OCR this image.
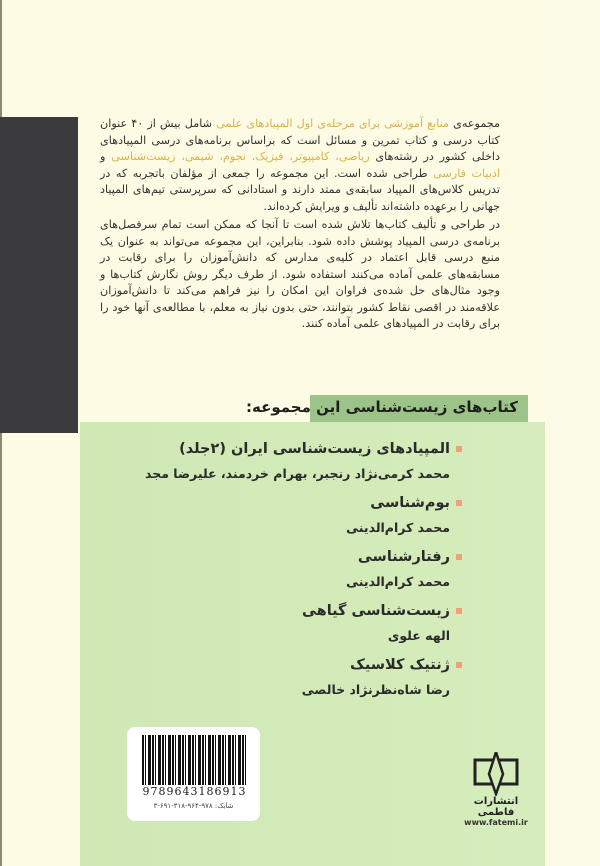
مجموعه‌ی منابع آموزشی برای مرحله‌ی اول المپیادهای علمی شامل بیش از ۴۰ عنوان کتاب درسی و کتاب تمرین و مسائل است که براساس برنامه‌های درسی المپیادهای داخلی کشور در رشته‌های ریاضی، کامپیوتر، فیزیک، نجوم، شیمی، زیست‌شناسی و ادبیات فارسی طراحی شده است. این مجموعه را جمعی از مؤلفان باتجربه که در تدریس کلاس‌های المپیاد سابقه‌ی ممتد دارند و استادانی که سرپرستی تیم‌های المپیاد جهانی را برعهده داشته‌اند تألیف و ویرایش کرده‌اند.

در طراحی و تألیف کتاب‌ها تلاش شده است تا آنجا که ممکن است تمام سرفصل‌های برنامه‌ی درسی المپیاد پوشش داده شود. بنابراین، این مجموعه می‌تواند به عنوان یک منبع درسی قابل اعتماد در کلیه‌ی مدارس که دانش‌آموزان را برای رقابت در مسابقه‌های علمی آماده می‌کنند استفاده شود. از طرف دیگر روش نگارش کتاب‌ها و وجود مثال‌های حل شده‌ی فراوان این امکان را نیز فراهم می‌کند تا دانش‌آموزان علاقه‌مند در اقصی نقاط کشور بتوانند، حتی بدون نیاز به معلم، با مطالعه‌ی آنها خود را برای رقابت در المپیادهای علمی آماده کنند.

کتاب‌های زیست‌شناسی این مجموعه:
المپیادهای زیست‌شناسی ایران (۲جلد)
محمد کرمی‌نژاد رنجبر، بهرام خردمند، علیرضا مجد
بوم‌شناسی
محمد کرام‌الدینی
رفتارشناسی
محمد کرام‌الدینی
زیست‌شناسی گیاهی
الهه علوی
ژنتیک کلاسیک
رضا شاه‌نظرنژاد خالصی
9789643186913
شابک: ۹۷۸-۹۶۴-۳۱۸-۶۹۱-۳	انتشارات فاطمی
www.fatemi.ir
